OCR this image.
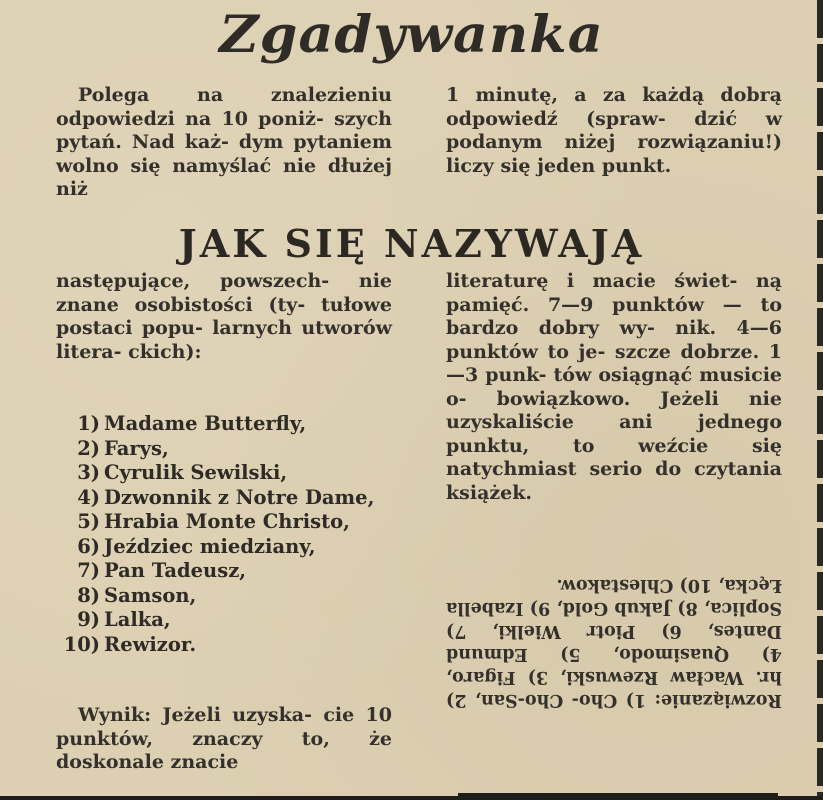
Zgadywanka

Polega na znalezieniu odpowiedzi na 10 poniż- szych pytań. Nad każ- dym pytaniem wolno się namyślać nie dłużej niż

1 minutę, a za każdą dobrą odpowiedź (spraw- dzić w podanym niżej rozwiązaniu!) liczy się jeden punkt.

JAK SIĘ NAZYWAJĄ

następujące, powszech- nie znane osobistości (ty- tułowe postaci popu- larnych utworów litera- ckich):

1) Madame Butterfly,
2) Farys,
3) Cyrulik Sewilski,
4) Dzwonnik z Notre Dame,
5) Hrabia Monte Christo,
6) Jeździec miedziany,
7) Pan Tadeusz,
8) Samson,
9) Lalka,
10) Rewizor.

Wynik: Jeżeli uzyska- cie 10 punktów, znaczy to, że doskonale znacie

literaturę i macie świet- ną pamięć. 7—9 punktów — to bardzo dobry wy- nik. 4—6 punktów to je- szcze dobrze. 1—3 punk- tów osiągnąć musicie o- bowiązkowo. Jeżeli nie uzyskaliście ani jednego punktu, to weźcie się natychmiast serio do czytania książek.

Rozwiązanie: 1) Cho- Cho-San, 2) hr. Wacław Rzewuski, 3) Figaro, 4) Quasimodo, 5) Edmund Dantes, 6) Piotr Wielki, 7) Soplica, 8) Jakub Gold, 9) Izabella Łęcka, 10) Chlestakow.
